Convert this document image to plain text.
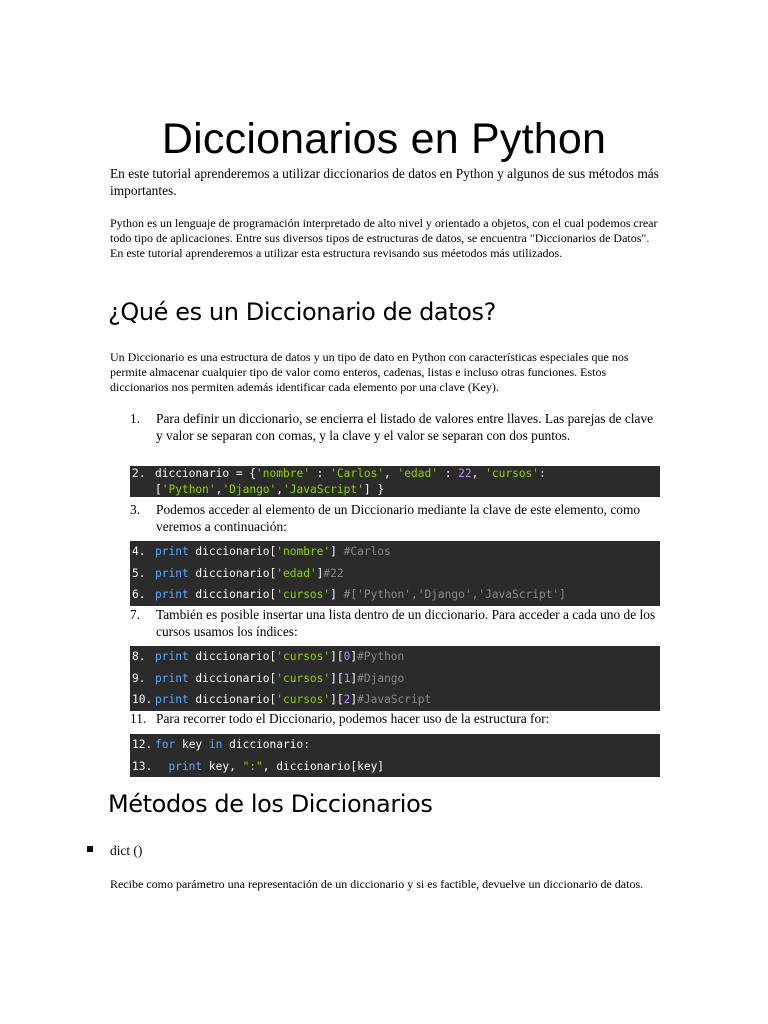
Diccionarios en Python

En este tutorial aprenderemos a utilizar diccionarios de datos en Python y algunos de sus métodos más importantes.

Python es un lenguaje de programación interpretado de alto nivel y orientado a objetos, con el cual podemos crear todo tipo de aplicaciones. Entre sus diversos tipos de estructuras de datos, se encuentra "Diccionarios de Datos". En este tutorial aprenderemos a utilizar esta estructura revisando sus méetodos más utilizados.

¿Qué es un Diccionario de datos?

Un Diccionario es una estructura de datos y un tipo de dato en Python con características especiales que nos permite almacenar cualquier tipo de valor como enteros, cadenas, listas e incluso otras funciones. Estos diccionarios nos permiten además identificar cada elemento por una clave (Key).

1.	Para definir un diccionario, se encierra el listado de valores entre llaves. Las parejas de clave y valor se separan con comas, y la clave y el valor se separan con dos puntos.
2. diccionario = {'nombre' : 'Carlos', 'edad' : 22, 'cursos':
['Python','Django','JavaScript'] }
3.	Podemos acceder al elemento de un Diccionario mediante la clave de este elemento, como veremos a continuación:
4. print diccionario['nombre'] #Carlos
5. print diccionario['edad']#22
6. print diccionario['cursos'] #['Python','Django','JavaScript']
7.	También es posible insertar una lista dentro de un diccionario. Para acceder a cada uno de los cursos usamos los índices:
8. print diccionario['cursos'][0]#Python
9. print diccionario['cursos'][1]#Django
10. print diccionario['cursos'][2]#JavaScript
11. Para recorrer todo el Diccionario, podemos hacer uso de la estructura for:
12. for key in diccionario:
13. print key, ":", diccionario[key]
Métodos de los Diccionarios

dict ()

Recibe como parámetro una representación de un diccionario y si es factible, devuelve un diccionario de datos.
